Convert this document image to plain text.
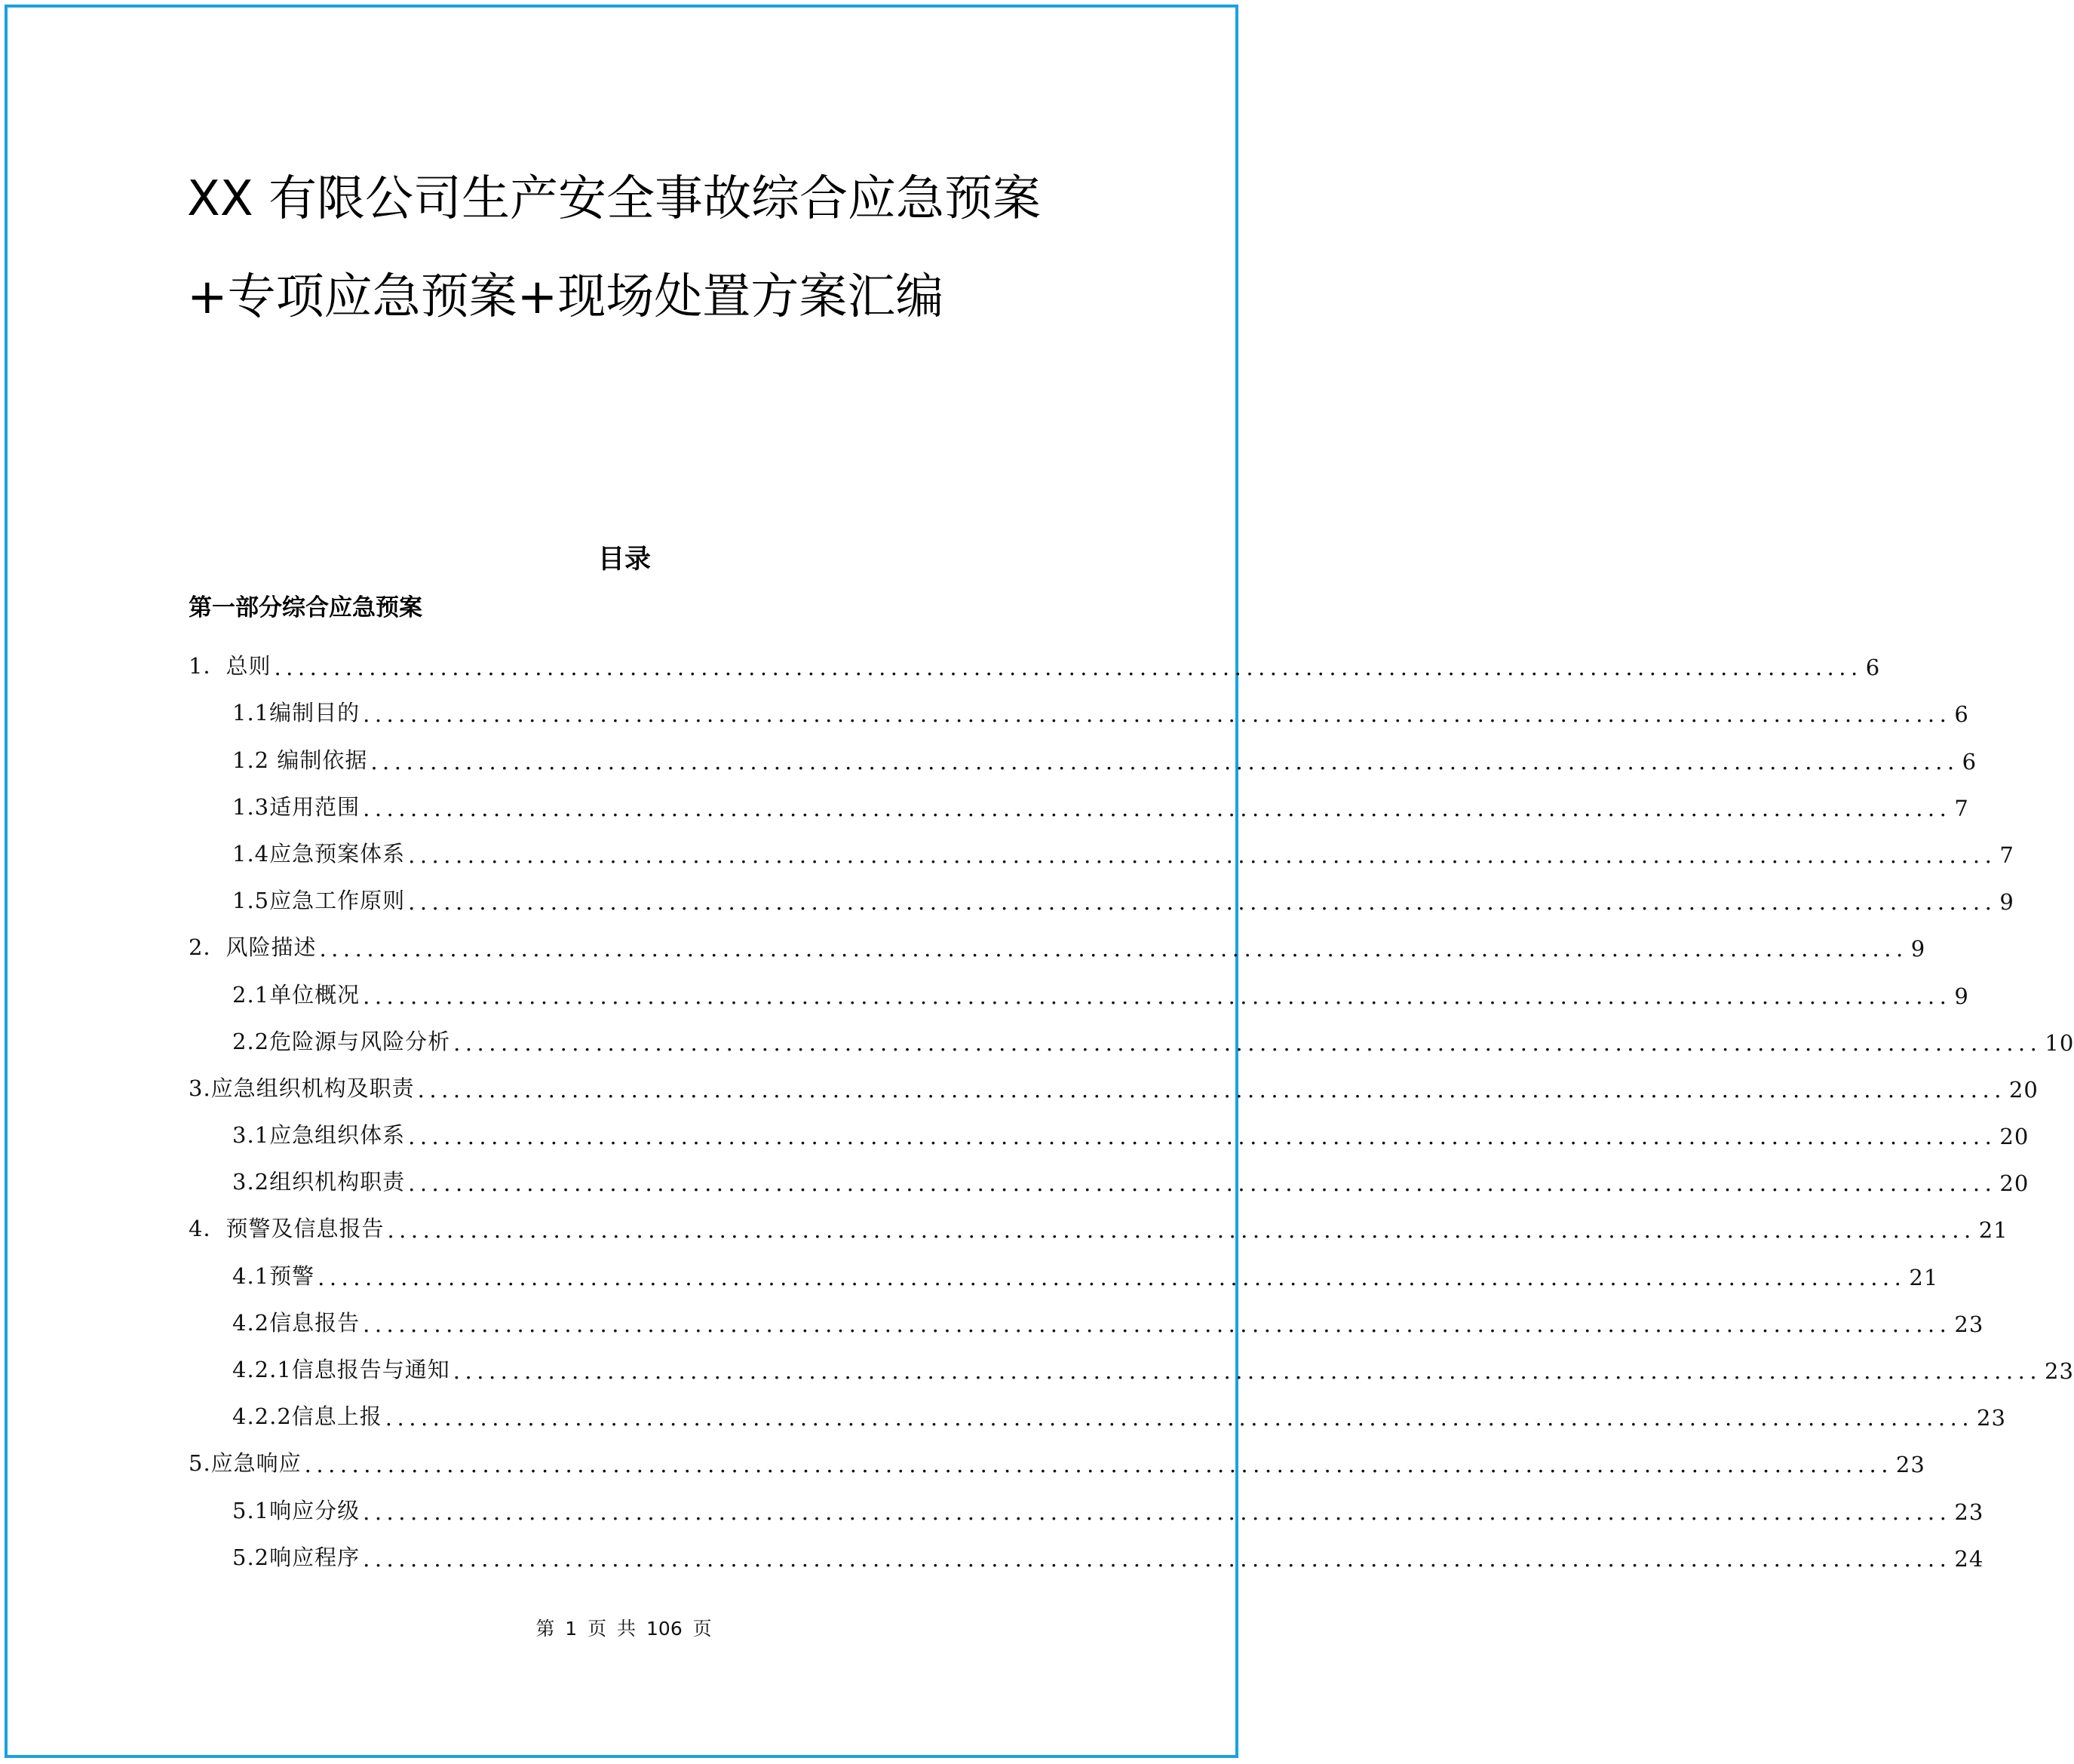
XX 有限公司生产安全事故综合应急预案
+专项应急预案+现场处置方案汇编
目录
第一部分综合应急预案
1．总则 ...................................................................................................................................... 6
1.1编制目的 ...................................................................................................................................... 6
1.2 编制依据 ...................................................................................................................................... 6
1.3适用范围 ...................................................................................................................................... 7
1.4应急预案体系 ...................................................................................................................................... 7
1.5应急工作原则 ...................................................................................................................................... 9
2．风险描述 ...................................................................................................................................... 9
2.1单位概况 ...................................................................................................................................... 9
2.2危险源与风险分析 ...................................................................................................................................... 10
3.应急组织机构及职责 ...................................................................................................................................... 20
3.1应急组织体系 ...................................................................................................................................... 20
3.2组织机构职责 ...................................................................................................................................... 20
4．预警及信息报告 ...................................................................................................................................... 21
4.1预警 ...................................................................................................................................... 21
4.2信息报告 ...................................................................................................................................... 23
4.2.1信息报告与通知 ...................................................................................................................................... 23
4.2.2信息上报 ...................................................................................................................................... 23
5.应急响应 ...................................................................................................................................... 23
5.1响应分级 ...................................................................................................................................... 23
5.2响应程序 ...................................................................................................................................... 24
第 1 页 共 106 页
